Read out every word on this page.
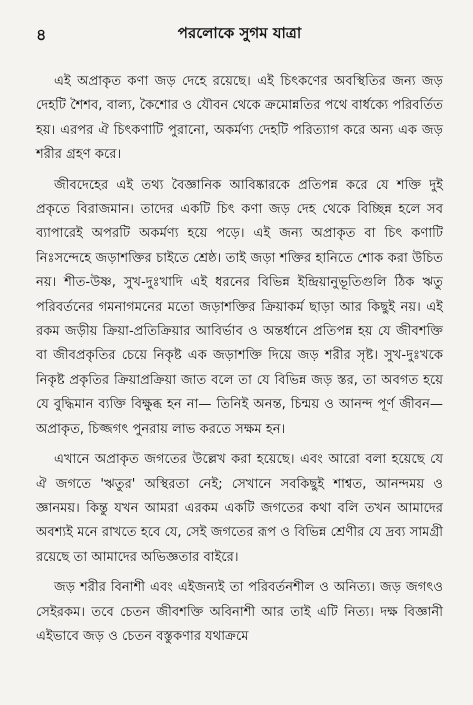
৪	পরলোকে সুগম যাত্রা

এই অপ্রাকৃত কণা জড় দেহে রয়েছে। এই চিৎকণের অবস্থিতির জন্য জড় দেহটি শৈশব, বাল্য, কৈশোর ও যৌবন থেকে ক্রমোন্নতির পথে বার্ধক্যে পরিবর্তিত হয়। এরপর ঐ চিৎকণাটি পুরানো, অকর্মণ্য দেহটি পরিত্যাগ করে অন্য এক জড় শরীর গ্রহণ করে।

জীবদেহের এই তথ্য বৈজ্ঞানিক আবিষ্কারকে প্রতিপন্ন করে যে শক্তি দুই প্রকৃতে বিরাজমান। তাদের একটি চিৎ কণা জড় দেহ থেকে বিচ্ছিন্ন হলে সব ব্যাপারেই অপরটি অকর্মণ্য হয়ে পড়ে। এই জন্য অপ্রাকৃত বা চিৎ কণাটি নিঃসন্দেহে জড়াশক্তির চাইতে শ্রেষ্ঠ। তাই জড়া শক্তির হানিতে শোক করা উচিত নয়। শীত-উষ্ণ, সুখ-দুঃখাদি এই ধরনের বিভিন্ন ইন্দ্রিয়ানুভূতিগুলি ঠিক ঋতু পরিবর্তনের গমনাগমনের মতো জড়াশক্তির ক্রিয়াকর্ম ছাড়া আর কিছুই নয়। এই রকম জড়ীয় ক্রিয়া-প্রতিক্রিয়ার আবির্ভাব ও অন্তর্ধানে প্রতিপন্ন হয় যে জীবশক্তি বা জীবপ্রকৃতির চেয়ে নিকৃষ্ট এক জড়াশক্তি দিয়ে জড় শরীর সৃষ্ট। সুখ-দুঃখকে নিকৃষ্ট প্রকৃতির ক্রিয়াপ্রক্রিয়া জাত বলে তা যে বিভিন্ন জড় স্তর, তা অবগত হয়ে যে বুদ্ধিমান ব্যক্তি বিক্ষুব্ধ হন না— তিনিই অনন্ত, চিন্ময় ও আনন্দ পূর্ণ জীবন—অপ্রাকৃত, চিজ্জগৎ পুনরায় লাভ করতে সক্ষম হন।

এখানে অপ্রাকৃত জগতের উল্লেখ করা হয়েছে। এবং আরো বলা হয়েছে যে ঐ জগতে 'ঋতুর' অস্থিরতা নেই; সেখানে সবকিছুই শাশ্বত, আনন্দময় ও জ্ঞানময়। কিন্তু যখন আমরা এরকম একটি জগতের কথা বলি তখন আমাদের অবশ্যই মনে রাখতে হবে যে, সেই জগতের রূপ ও বিভিন্ন শ্রেণীর যে দ্রব্য সামগ্রী রয়েছে তা আমাদের অভিজ্ঞতার বাইরে।

জড় শরীর বিনাশী এবং এইজন্যই তা পরিবর্তনশীল ও অনিত্য। জড় জগৎও সেইরকম। তবে চেতন জীবশক্তি অবিনাশী আর তাই এটি নিত্য। দক্ষ বিজ্ঞানী এইভাবে জড় ও চেতন বস্তুকণার যথাক্রমে
